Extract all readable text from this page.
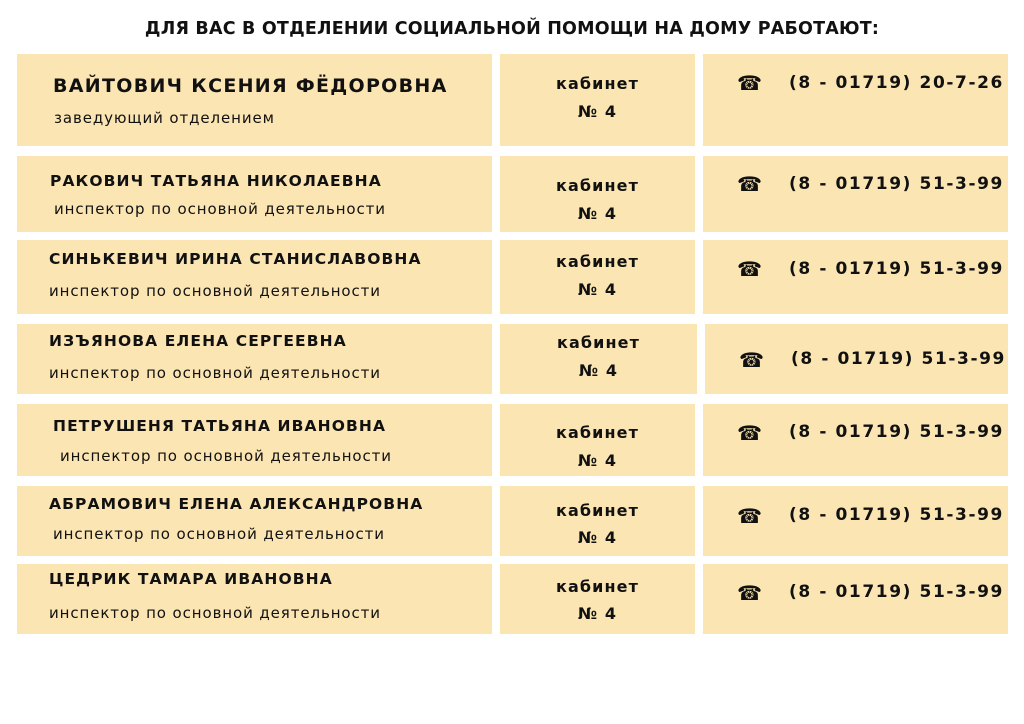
ДЛЯ ВАС В ОТДЕЛЕНИИ СОЦИАЛЬНОЙ ПОМОЩИ НА ДОМУ РАБОТАЮТ:
ВАЙТОВИЧ КСЕНИЯ ФЁДОРОВНА
заведующий отделением
кабинет
№ 4
☎ (8 - 01719) 20-7-26
РАКОВИЧ ТАТЬЯНА НИКОЛАЕВНА
инспектор по основной деятельности
кабинет
№ 4
☎ (8 - 01719) 51-3-99
СИНЬКЕВИЧ ИРИНА СТАНИСЛАВОВНА
инспектор по основной деятельности
кабинет
№ 4
☎ (8 - 01719) 51-3-99
ИЗЪЯНОВА ЕЛЕНА СЕРГЕЕВНА
инспектор по основной деятельности
кабинет
№ 4	☎ (8 - 01719) 51-3-99
ПЕТРУШЕНЯ ТАТЬЯНА ИВАНОВНА
инспектор по основной деятельности
кабинет
№ 4
☎ (8 - 01719) 51-3-99
АБРАМОВИЧ ЕЛЕНА АЛЕКСАНДРОВНА
инспектор по основной деятельности
кабинет
№ 4
☎ (8 - 01719) 51-3-99
ЦЕДРИК ТАМАРА ИВАНОВНА
инспектор по основной деятельности
кабинет
№ 4
☎ (8 - 01719) 51-3-99
